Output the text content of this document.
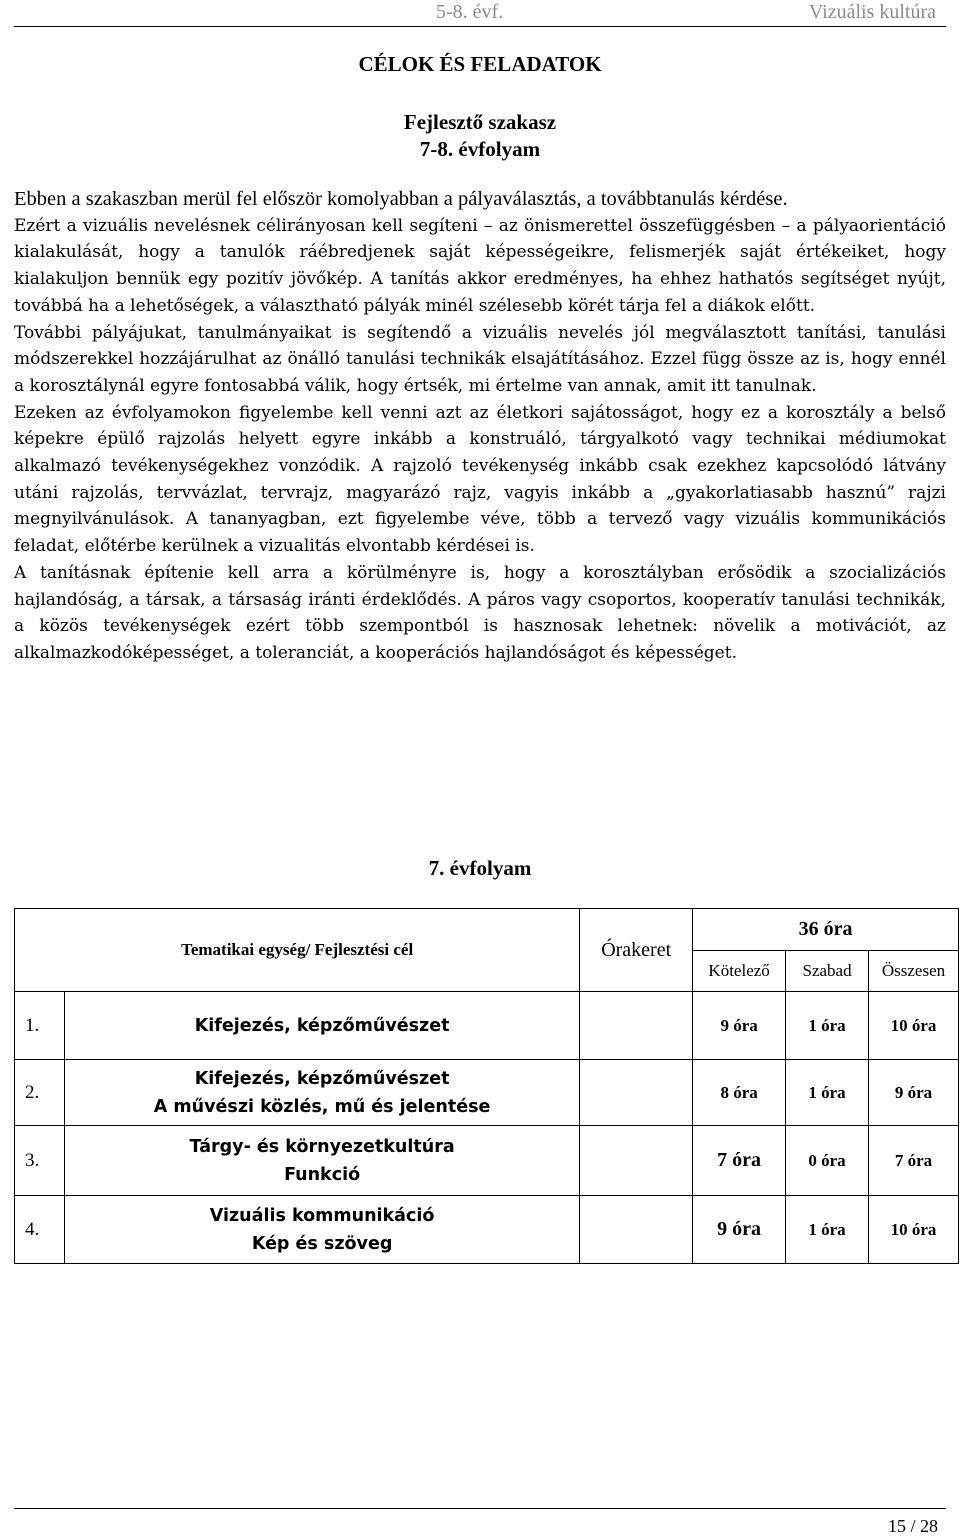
5-8. évf.	Vizuális kultúra
CÉLOK ÉS FELADATOK
Fejlesztő szakasz
7-8. évfolyam

Ebben a szakaszban merül fel először komolyabban a pályaválasztás, a továbbtanulás kérdése.

Ezért a vizuális nevelésnek célirányosan kell segíteni – az önismerettel összefüggésben – a pályaorientáció kialakulását, hogy a tanulók ráébredjenek saját képességeikre, felismerjék saját értékeiket, hogy kialakuljon bennük egy pozitív jövőkép. A tanítás akkor eredményes, ha ehhez hathatós segítséget nyújt, továbbá ha a lehetőségek, a választható pályák minél szélesebb körét tárja fel a diákok előtt.

További pályájukat, tanulmányaikat is segítendő a vizuális nevelés jól megválasztott tanítási, tanulási módszerekkel hozzájárulhat az önálló tanulási technikák elsajátításához. Ezzel függ össze az is, hogy ennél a korosztálynál egyre fontosabbá válik, hogy értsék, mi értelme van annak, amit itt tanulnak.

Ezeken az évfolyamokon figyelembe kell venni azt az életkori sajátosságot, hogy ez a korosztály a belső képekre épülő rajzolás helyett egyre inkább a konstruáló, tárgyalkotó vagy technikai médiumokat alkalmazó tevékenységekhez vonzódik. A rajzoló tevékenység inkább csak ezekhez kapcsolódó látvány utáni rajzolás, tervvázlat, tervrajz, magyarázó rajz, vagyis inkább a „gyakorlatiasabb hasznú” rajzi megnyilvánulások. A tananyagban, ezt figyelembe véve, több a tervező vagy vizuális kommunikációs feladat, előtérbe kerülnek a vizualitás elvontabb kérdései is.

A tanításnak építenie kell arra a körülményre is, hogy a korosztályban erősödik a szocializációs hajlandóság, a társak, a társaság iránti érdeklődés. A páros vagy csoportos, kooperatív tanulási technikák, a közös tevékenységek ezért több szempontból is hasznosak lehetnek: növelik a motivációt, az alkalmazkodóképességet, a toleranciát, a kooperációs hajlandóságot és képességet.

7. évfolyam
Tematikai egység/ Fejlesztési cél		Órakeret	36 óra		
			Kötelező	Szabad	Összesen
1.	Kifejezés, képzőművészet		9 óra	1 óra	10 óra
2.	Kifejezés, képzőművészet
A művészi közlés, mű és jelentése		8 óra	1 óra	9 óra
3.	Tárgy- és környezetkultúra
Funkció		7 óra	0 óra	7 óra
4.	Vizuális kommunikáció
Kép és szöveg		9 óra	1 óra	10 óra
15 / 28
